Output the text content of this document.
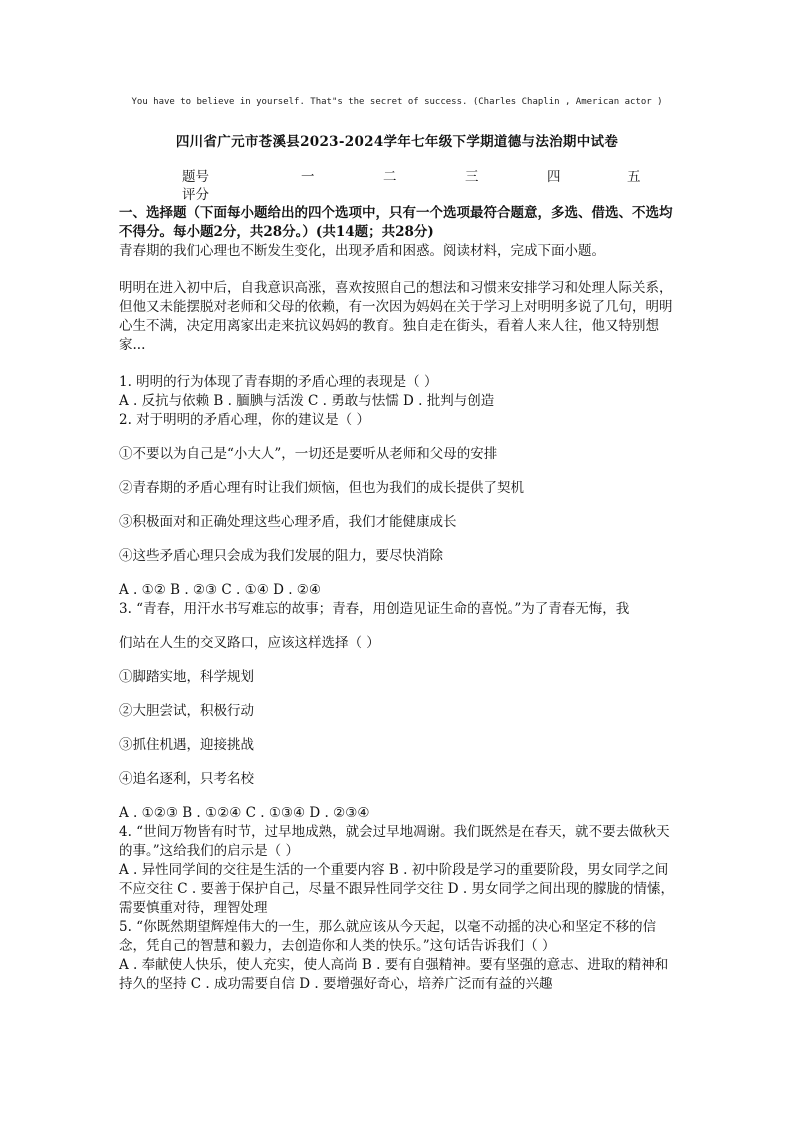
You have to believe in yourself. That"s the secret of success. (Charles Chaplin , American actor )
四川省广元市苍溪县2023-2024学年七年级下学期道德与法治期中试卷
题号	一	二	三	四	五
评分

一、选择题（下面每小题给出的四个选项中，只有一个选项最符合题意，多选、借选、不选均不得分。每小题2分，共28分。）(共14题；共28分)

青春期的我们心理也不断发生变化，出现矛盾和困惑。阅读材料，完成下面小题。

明明在进入初中后，自我意识高涨，喜欢按照自己的想法和习惯来安排学习和处理人际关系，但他又未能摆脱对老师和父母的依赖，有一次因为妈妈在关于学习上对明明多说了几句，明明心生不满，决定用离家出走来抗议妈妈的教育。独自走在街头，看着人来人往，他又特别想家...

1. 明明的行为体现了青春期的矛盾心理的表现是（ ）

A . 反抗与依赖 B . 腼腆与活泼 C . 勇敢与怯懦 D . 批判与创造

2. 对于明明的矛盾心理，你的建议是（ ）

①不要以为自己是“小大人”，一切还是要听从老师和父母的安排

②青春期的矛盾心理有时让我们烦恼，但也为我们的成长提供了契机

③积极面对和正确处理这些心理矛盾，我们才能健康成长

④这些矛盾心理只会成为我们发展的阻力，要尽快消除

A . ①② B . ②③ C . ①④ D . ②④

3. “青春，用汗水书写难忘的故事；青春，用创造见证生命的喜悦。”为了青春无悔，我

们站在人生的交叉路口，应该这样选择（ ）

①脚踏实地，科学规划

②大胆尝试，积极行动

③抓住机遇，迎接挑战

④追名逐利，只考名校

A . ①②③ B . ①②④ C . ①③④ D . ②③④

4. “世间万物皆有时节，过早地成熟，就会过早地凋谢。我们既然是在春天，就不要去做秋天的事。”这给我们的启示是（ ）

A . 异性同学间的交往是生活的一个重要内容 B . 初中阶段是学习的重要阶段，男女同学之间不应交往 C . 要善于保护自己，尽量不跟异性同学交往 D . 男女同学之间出现的朦胧的情愫，需要慎重对待，理智处理

5. “你既然期望辉煌伟大的一生，那么就应该从今天起，以毫不动摇的决心和坚定不移的信念，凭自己的智慧和毅力，去创造你和人类的快乐。”这句话告诉我们（ ）

A . 奉献使人快乐，使人充实，使人高尚 B . 要有自强精神。要有坚强的意志、进取的精神和持久的坚持 C . 成功需要自信 D . 要增强好奇心，培养广泛而有益的兴趣
